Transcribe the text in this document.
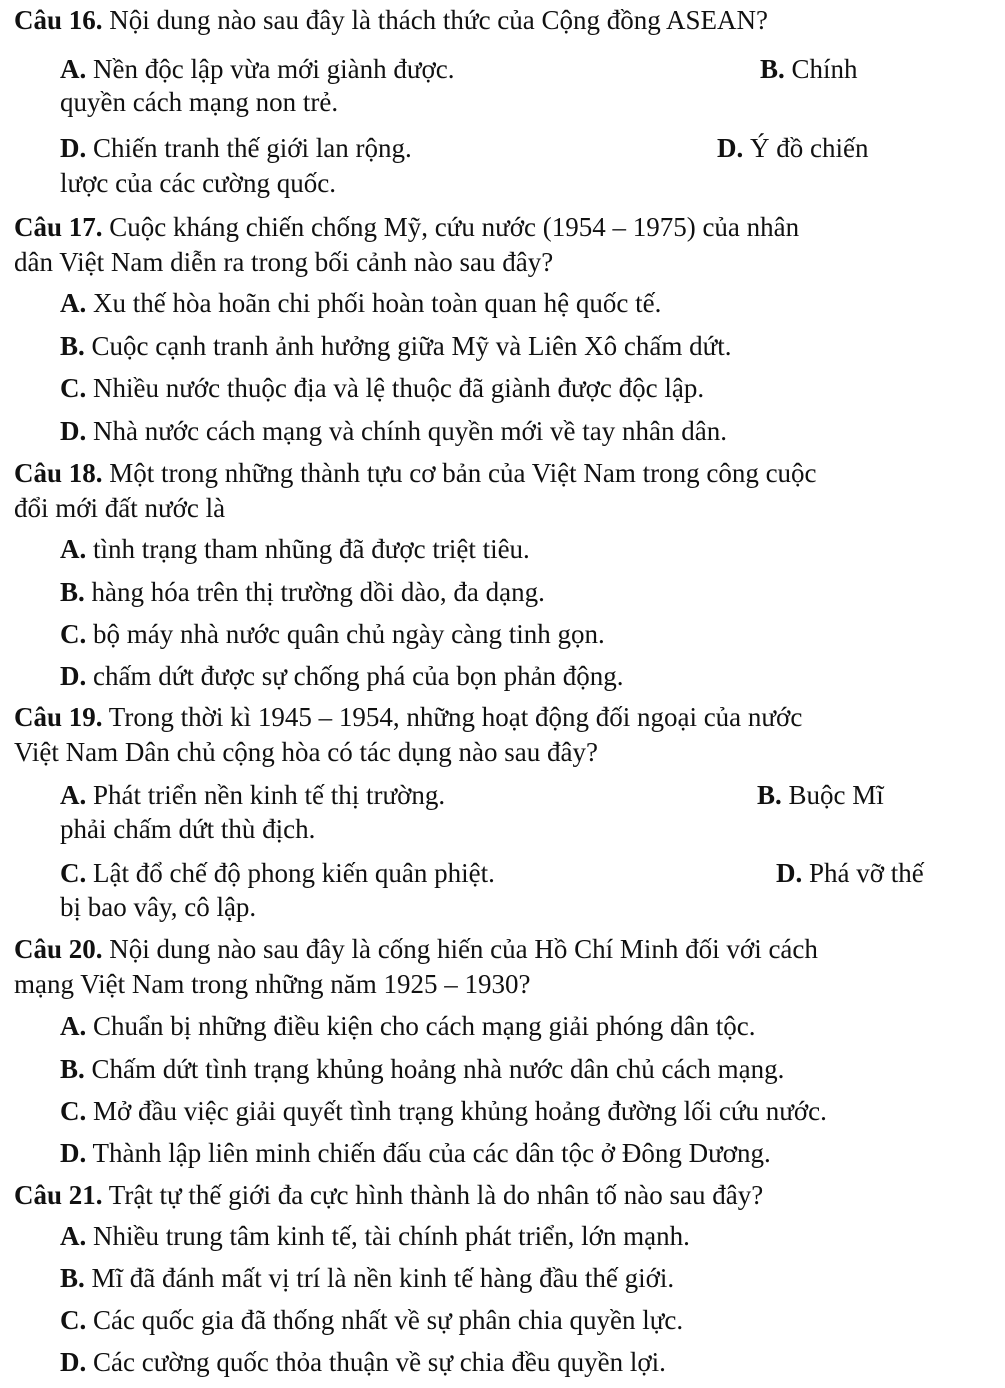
Câu 16. Nội dung nào sau đây là thách thức của Cộng đồng ASEAN?
A. Nền độc lập vừa mới giành được.	B. Chính
quyền cách mạng non trẻ.
D. Chiến tranh thế giới lan rộng.	D. Ý đồ chiến
lược của các cường quốc.
Câu 17. Cuộc kháng chiến chống Mỹ, cứu nước (1954 – 1975) của nhân
dân Việt Nam diễn ra trong bối cảnh nào sau đây?
A. Xu thế hòa hoãn chi phối hoàn toàn quan hệ quốc tế.
B. Cuộc cạnh tranh ảnh hưởng giữa Mỹ và Liên Xô chấm dứt.
C. Nhiều nước thuộc địa và lệ thuộc đã giành được độc lập.
D. Nhà nước cách mạng và chính quyền mới về tay nhân dân.
Câu 18. Một trong những thành tựu cơ bản của Việt Nam trong công cuộc
đổi mới đất nước là
A. tình trạng tham nhũng đã được triệt tiêu.
B. hàng hóa trên thị trường dồi dào, đa dạng.
C. bộ máy nhà nước quân chủ ngày càng tinh gọn.
D. chấm dứt được sự chống phá của bọn phản động.
Câu 19. Trong thời kì 1945 – 1954, những hoạt động đối ngoại của nước
Việt Nam Dân chủ cộng hòa có tác dụng nào sau đây?
A. Phát triển nền kinh tế thị trường.	B. Buộc Mĩ
phải chấm dứt thù địch.
C. Lật đổ chế độ phong kiến quân phiệt.	D. Phá vỡ thế
bị bao vây, cô lập.
Câu 20. Nội dung nào sau đây là cống hiến của Hồ Chí Minh đối với cách
mạng Việt Nam trong những năm 1925 – 1930?
A. Chuẩn bị những điều kiện cho cách mạng giải phóng dân tộc.
B. Chấm dứt tình trạng khủng hoảng nhà nước dân chủ cách mạng.
C. Mở đầu việc giải quyết tình trạng khủng hoảng đường lối cứu nước.
D. Thành lập liên minh chiến đấu của các dân tộc ở Đông Dương.
Câu 21. Trật tự thế giới đa cực hình thành là do nhân tố nào sau đây?
A. Nhiều trung tâm kinh tế, tài chính phát triển, lớn mạnh.
B. Mĩ đã đánh mất vị trí là nền kinh tế hàng đầu thế giới.
C. Các quốc gia đã thống nhất về sự phân chia quyền lực.
D. Các cường quốc thỏa thuận về sự chia đều quyền lợi.
